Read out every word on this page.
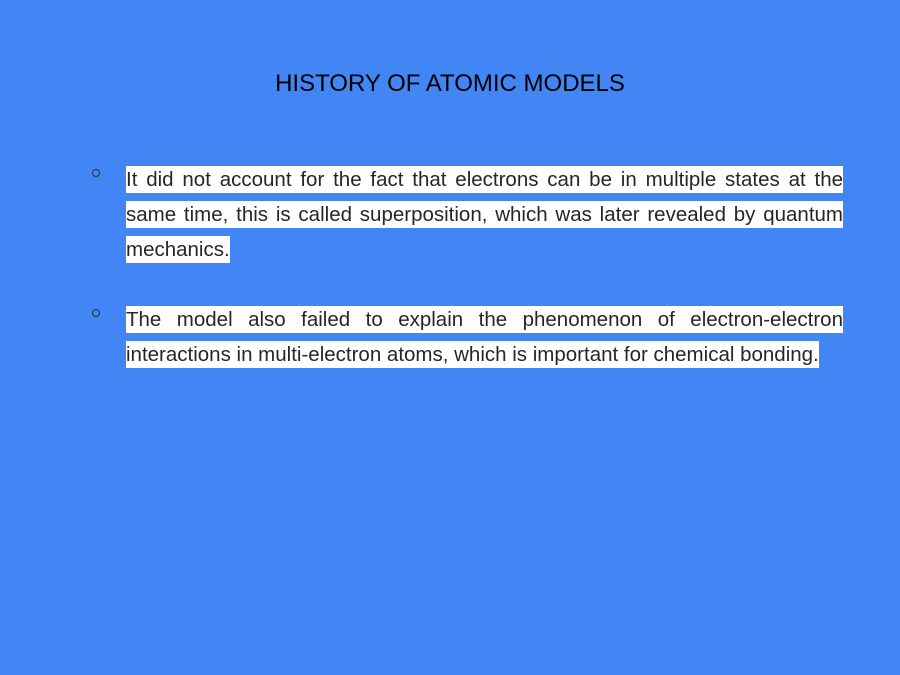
HISTORY OF ATOMIC MODELS
It did not account for the fact that electrons can be in multiple states at the same time, this is called superposition, which was later revealed by quantum mechanics.
The model also failed to explain the phenomenon of electron-electron interactions in multi-electron atoms, which is important for chemical bonding.
